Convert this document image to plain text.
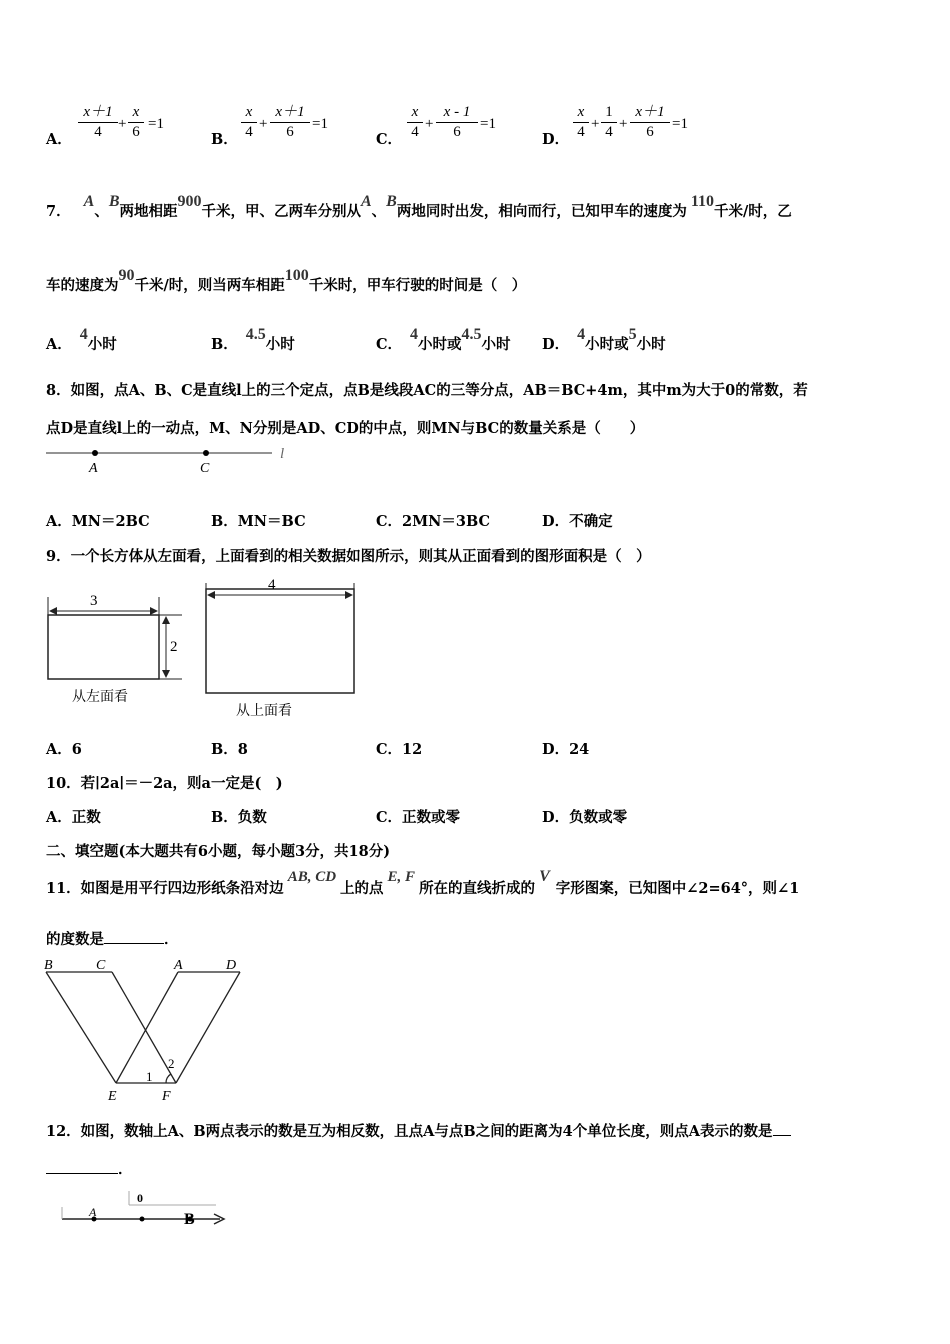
A． $\frac{x+1}{4} + \frac{x}{6} =1$
B． $\frac{x}{4} + \frac{x+1}{6} =1$
C． $\frac{x}{4} + \frac{x - 1}{6} =1$
D． $\frac{x}{4} + \frac{1}{4} + \frac{x+1}{6} =1$
7． A、B两地相距900千米，甲、乙两车分别从A、B两地同时出发，相向而行，已知甲车的速度为110千米/时，乙
车的速度为90千米/时，则当两车相距100千米时，甲车行驶的时间是（　）
A．4小时	B．4.5小时	C．4小时或4.5小时 D．4小时或5小时
8．如图，点A、B、C是直线l上的三个定点，点B是线段AC的三等分点，AB＝BC+4m，其中m为大于0的常数，若
点D是直线l上的一动点，M、N分别是AD、CD的中点，则MN与BC的数量关系是（　　）
A	C
l
A．MN＝2BC	B．MN＝BC	C．2MN＝3BC	D．不确定
9．一个长方体从左面看，上面看到的相关数据如图所示，则其从正面看到的图形面积是（　）
3
2
从左面看
4
从上面看
A．6	B．8	C．12	D．24
10．若∣2a∣＝－2a，则a一定是(　)
A．正数	B．负数	C．正数或零	D．负数或零
二、填空题(本大题共有6小题，每小题3分，共18分)
11．如图是用平行四边形纸条沿对边AB, CD上的点E, F所在的直线折成的V字形图案，已知图中∠2=64°，则∠1
的度数是	．
B	C	A	D
E	F
1
2
12．如图，数轴上A、B两点表示的数是互为相反数，且点A与点B之间的距离为4个单位长度，则点A表示的数是
．
0
A	B
